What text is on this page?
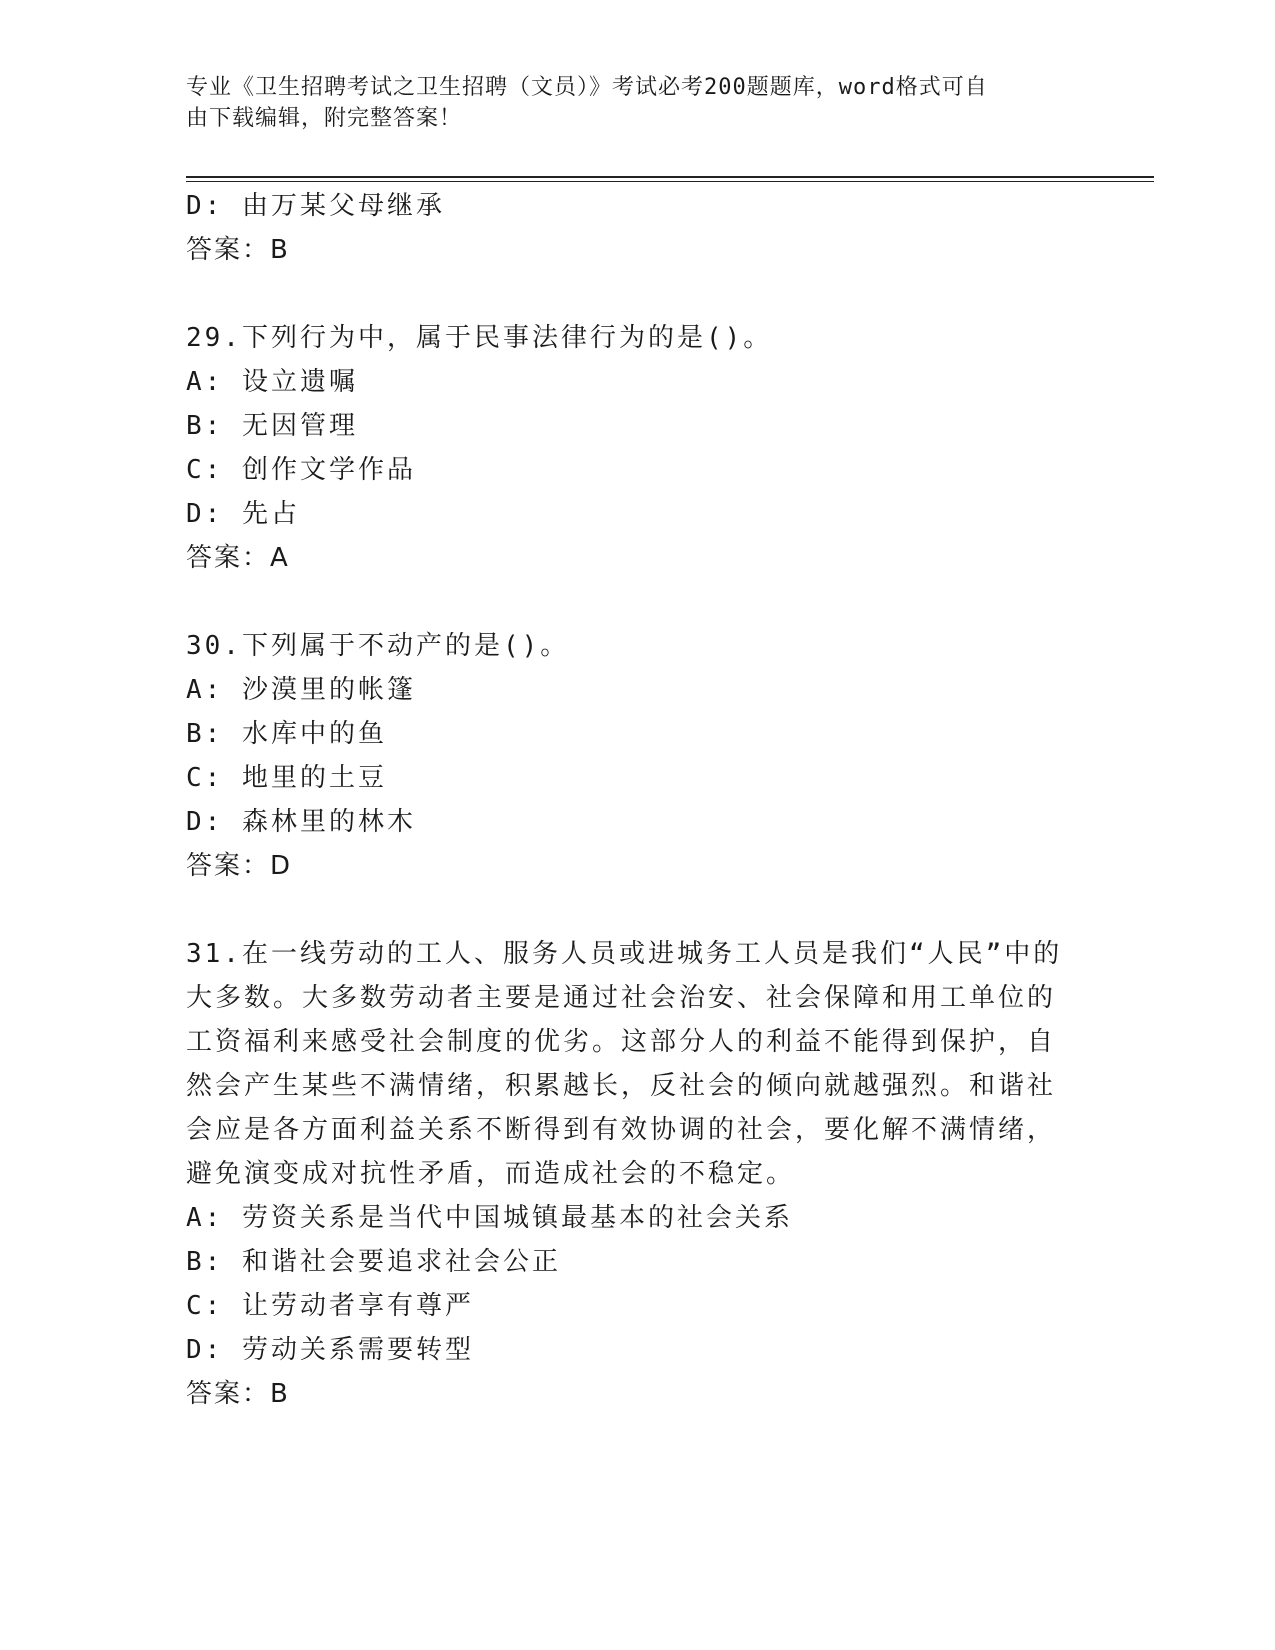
专业《卫生招聘考试之卫生招聘（文员）》考试必考200题题库，word格式可自
由下载编辑，附完整答案！
D: 由万某父母继承
答案：B
29.下列行为中，属于民事法律行为的是()。
A: 设立遗嘱
B: 无因管理
C: 创作文学作品
D: 先占
答案：A
30.下列属于不动产的是()。
A: 沙漠里的帐篷
B: 水库中的鱼
C: 地里的土豆
D: 森林里的林木
答案：D
31.在一线劳动的工人、服务人员或进城务工人员是我们“人民”中的
大多数。大多数劳动者主要是通过社会治安、社会保障和用工单位的
工资福利来感受社会制度的优劣。这部分人的利益不能得到保护，自
然会产生某些不满情绪，积累越长，反社会的倾向就越强烈。和谐社
会应是各方面利益关系不断得到有效协调的社会，要化解不满情绪，
避免演变成对抗性矛盾，而造成社会的不稳定。
A: 劳资关系是当代中国城镇最基本的社会关系
B: 和谐社会要追求社会公正
C: 让劳动者享有尊严
D: 劳动关系需要转型
答案：B
